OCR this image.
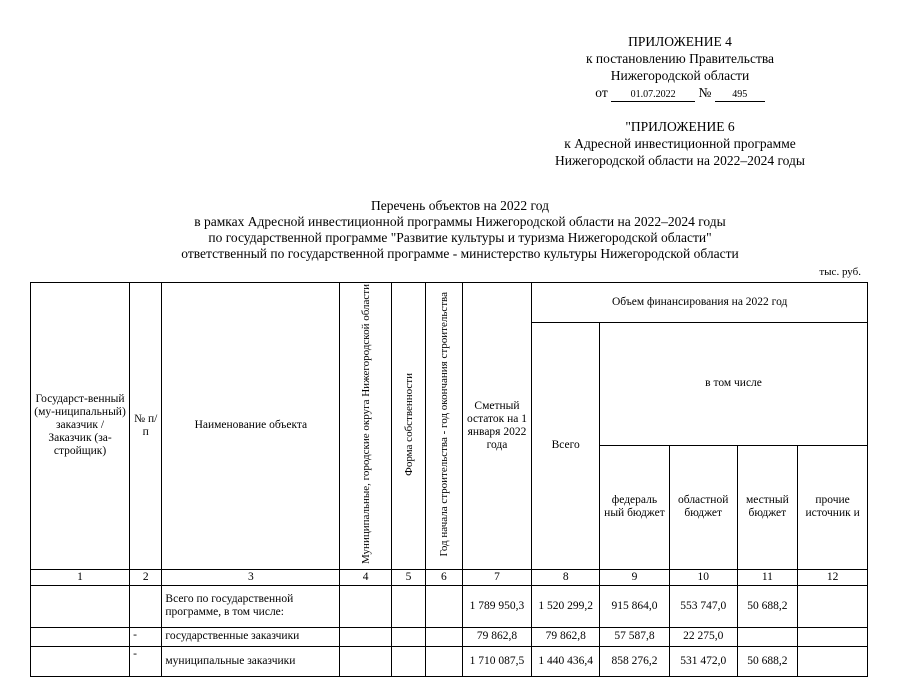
ПРИЛОЖЕНИЕ 4
к постановлению Правительства
Нижегородской области
от 01.07.2022 № 495
"ПРИЛОЖЕНИЕ 6
к Адресной инвестиционной программе
Нижегородской области на 2022–2024 годы
Перечень объектов на 2022 год
в рамках Адресной инвестиционной программы Нижегородской области на 2022–2024 годы
по государственной программе "Развитие культуры и туризма Нижегородской области"
ответственный по государственной программе - министерство культуры Нижегородской области
тыс. руб.
Государст-венный (му-ниципальный) заказчик / Заказчик (за-стройщик)	№ п/п	Наименование объекта	Муниципальные, городские округа Нижегородской области	Форма собственности	Год начала строительства - год окончания строительства	Сметный остаток на 1 января 2022 года	Объем финансирования на 2022 год				
							Всего	в том числе			
								федераль ный бюджет	областной бюджет	местный бюджет	прочие источник и
1	2	3	4	5	6	7	8	9	10	11	12
		Всего по государственной программе, в том числе:				1 789 950,3	1 520 299,2	915 864,0	553 747,0	50 688,2	
	-	государственные заказчики				79 862,8	79 862,8	57 587,8	22 275,0		
	-	муниципальные заказчики				1 710 087,5	1 440 436,4	858 276,2	531 472,0	50 688,2	
